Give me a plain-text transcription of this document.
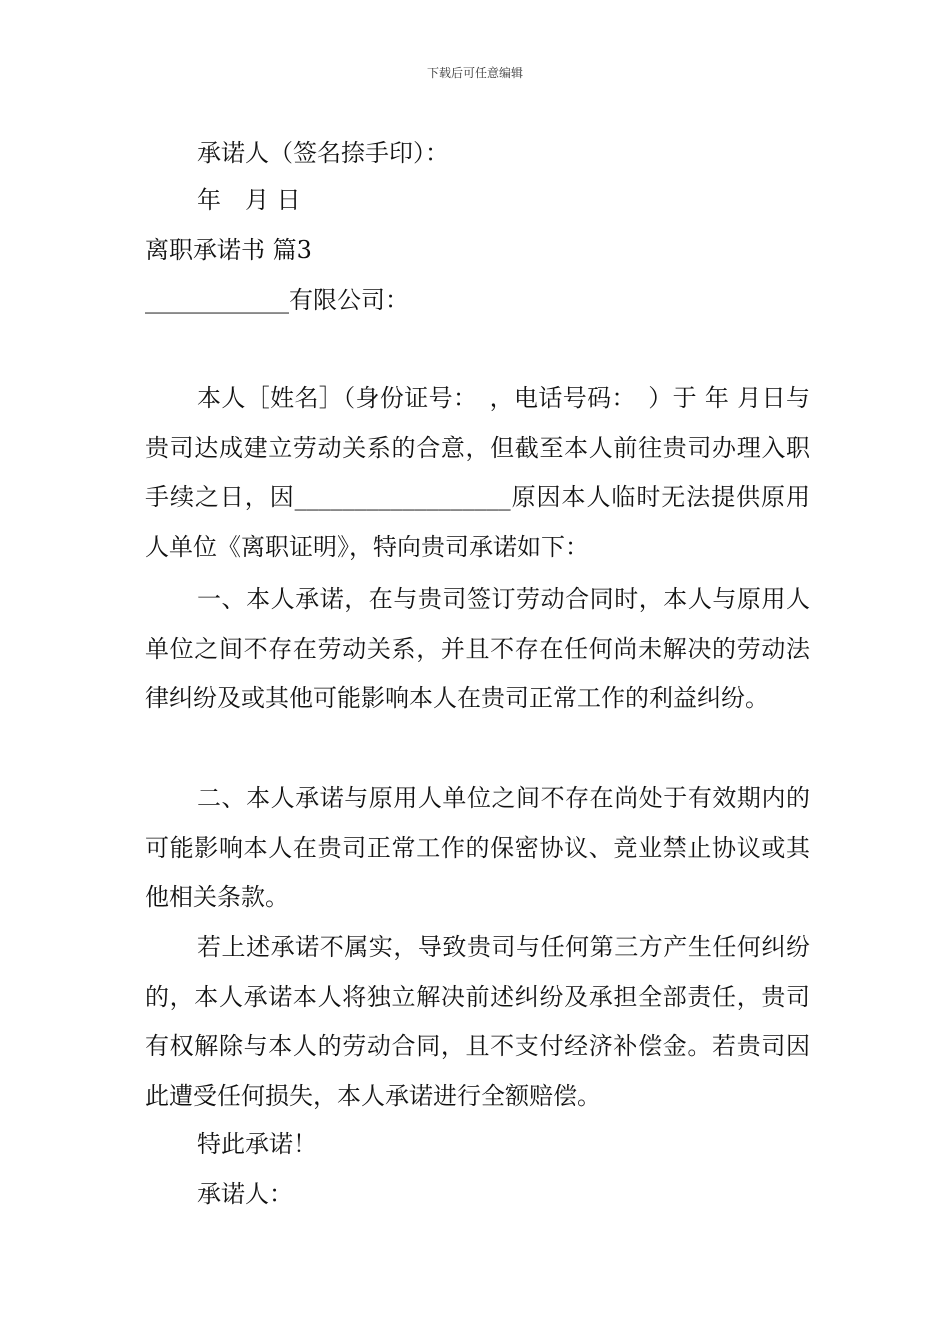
下载后可任意编辑
承诺人（签名捺手印）：
年　月 日
离职承诺书 篇3
____________有限公司：

本人［姓名］（身份证号：　，电话号码：　）于 年 月日与贵司达成建立劳动关系的合意，但截至本人前往贵司办理入职手续之日，因__________________原因本人临时无法提供原用人单位《离职证明》，特向贵司承诺如下：

一、本人承诺，在与贵司签订劳动合同时，本人与原用人单位之间不存在劳动关系，并且不存在任何尚未解决的劳动法律纠纷及或其他可能影响本人在贵司正常工作的利益纠纷。

二、本人承诺与原用人单位之间不存在尚处于有效期内的可能影响本人在贵司正常工作的保密协议、竞业禁止协议或其他相关条款。

若上述承诺不属实，导致贵司与任何第三方产生任何纠纷的，本人承诺本人将独立解决前述纠纷及承担全部责任，贵司有权解除与本人的劳动合同，且不支付经济补偿金。若贵司因此遭受任何损失，本人承诺进行全额赔偿。

特此承诺！
承诺人：
